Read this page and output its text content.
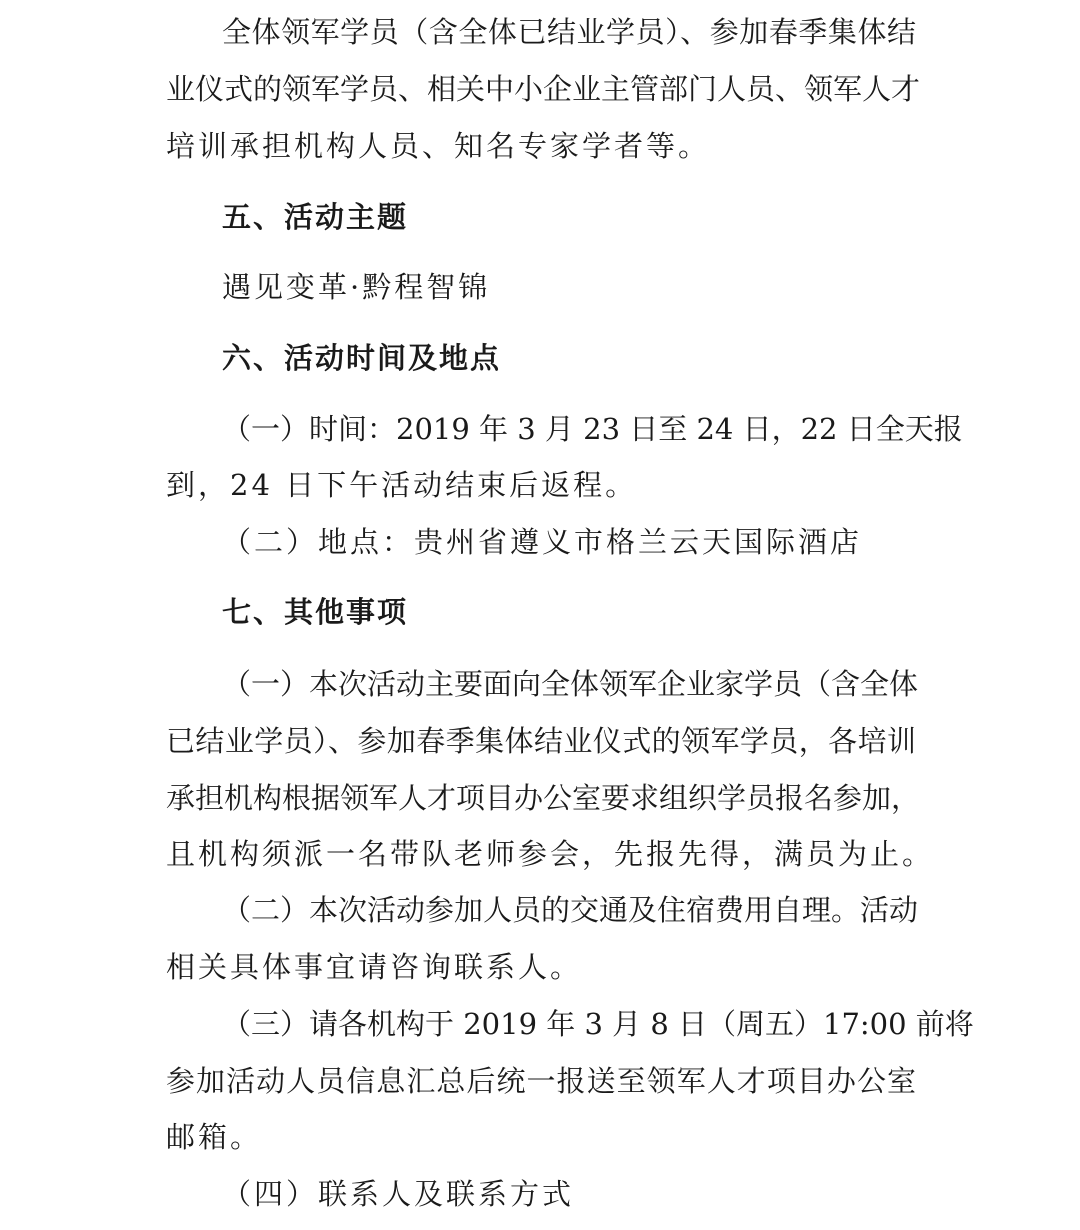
全体领军学员（含全体已结业学员）、参加春季集体结
业仪式的领军学员、相关中小企业主管部门人员、领军人才
培训承担机构人员、知名专家学者等。
五、活动主题
遇见变革·黔程智锦
六、活动时间及地点
（一）时间：2019 年 3 月 23 日至 24 日，22 日全天报
到，24 日下午活动结束后返程。
（二）地点：贵州省遵义市格兰云天国际酒店
七、其他事项
（一）本次活动主要面向全体领军企业家学员（含全体
已结业学员）、参加春季集体结业仪式的领军学员，各培训
承担机构根据领军人才项目办公室要求组织学员报名参加，
且机构须派一名带队老师参会，先报先得，满员为止。
（二）本次活动参加人员的交通及住宿费用自理。活动
相关具体事宜请咨询联系人。
（三）请各机构于 2019 年 3 月 8 日（周五）17:00 前将
参加活动人员信息汇总后统一报送至领军人才项目办公室
邮箱。
（四）联系人及联系方式
